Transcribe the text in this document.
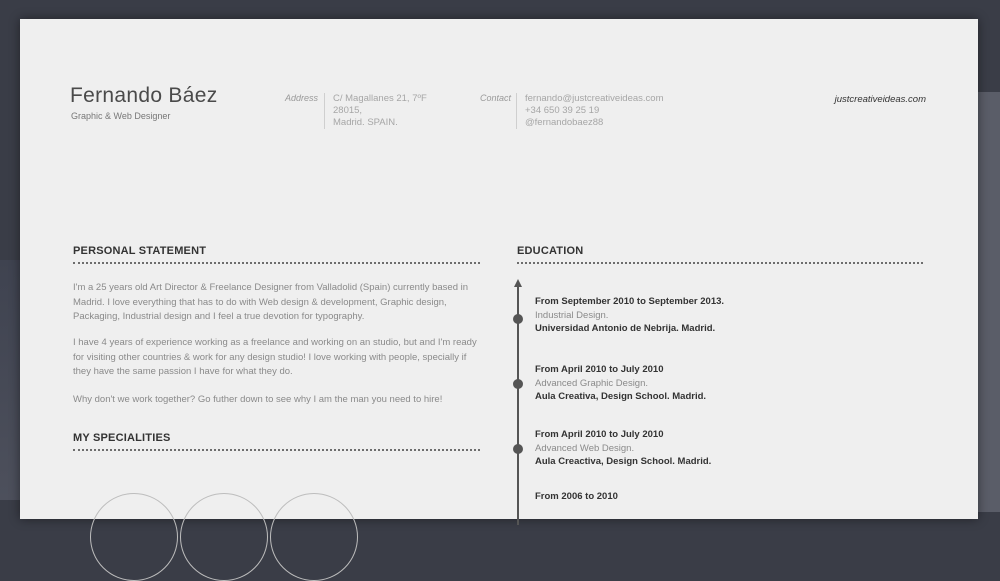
Fernando Báez
Graphic & Web Designer
Address C/ Magallanes 21, 7ºF
28015,
Madrid. SPAIN.
Contact fernando@justcreativeideas.com
+34 650 39 25 19
@fernandobaez88
justcreativeideas.com
PERSONAL STATEMENT

I'm a 25 years old Art Director & Freelance Designer from Valladolid (Spain) currently based in Madrid. I love everything that has to do with Web design & development, Graphic design, Packaging, Industrial design and I feel a true devotion for typography.

I have 4 years of experience working as a freelance and working on an studio, but and I'm ready for visiting other countries & work for any design studio! I love working with people, specially if they have the same passion I have for what they do.

Why don't we work together? Go futher down to see why I am the man you need to hire!

MY SPECIALITIES
EDUCATION
From September 2010 to September 2013.
Industrial Design.
Universidad Antonio de Nebrija. Madrid.
From April 2010 to July 2010
Advanced Graphic Design.
Aula Creativa, Design School. Madrid.
From April 2010 to July 2010
Advanced Web Design.
Aula Creactiva, Design School. Madrid.
From 2006 to 2010
